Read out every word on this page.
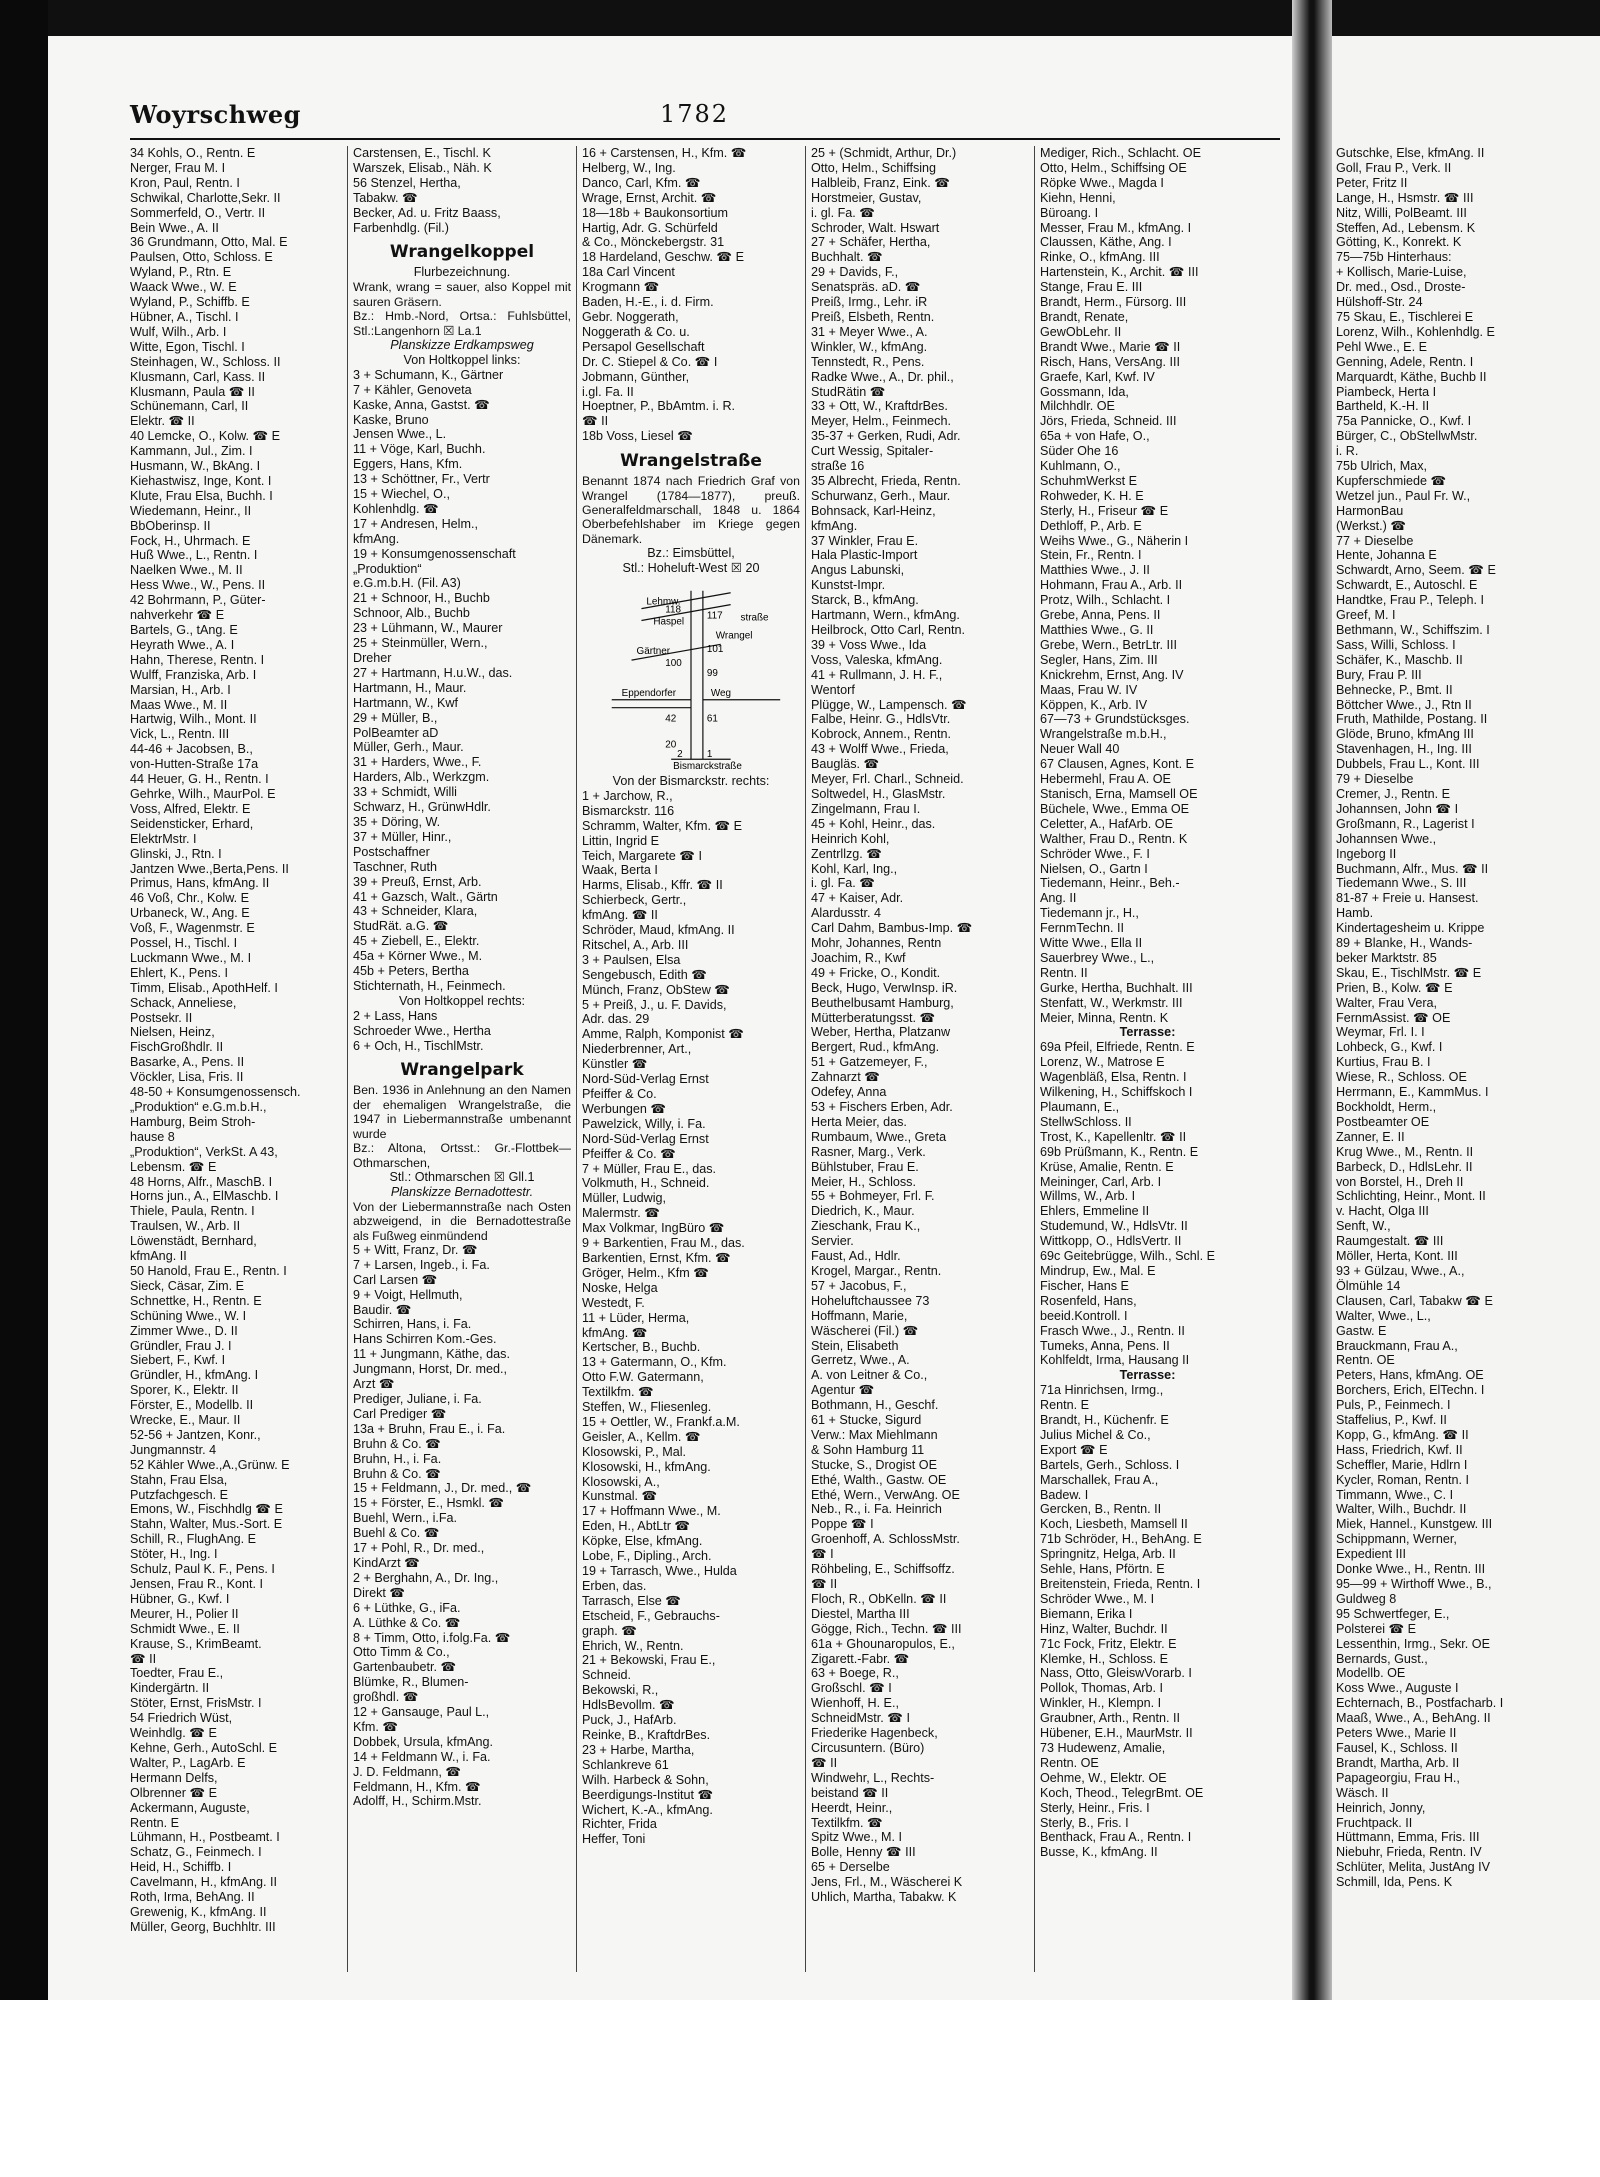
Woyrschweg	1782
34 Kohls, O., Rentn. E
Nerger, Frau M. I
Kron, Paul, Rentn. I
Schwikal, Charlotte,Sekr. II
Sommerfeld, O., Vertr. II
Bein Wwe., A. II
36 Grundmann, Otto, Mal. E
Paulsen, Otto, Schloss. E
Wyland, P., Rtn. E
Waack Wwe., W. E
Wyland, P., Schiffb. E
Hübner, A., Tischl. I
Wulf, Wilh., Arb. I
Witte, Egon, Tischl. I
Steinhagen, W., Schloss. II
Klusmann, Carl, Kass. II
Klusmann, Paula ☎ II
Schünemann, Carl, II
Elektr. ☎ II
40 Lemcke, O., Kolw. ☎ E
Kammann, Jul., Zim. I
Husmann, W., BkAng. I
Kiehastwisz, Inge, Kont. I
Klute, Frau Elsa, Buchh. I
Wiedemann, Heinr., II
BbOberinsp. II
Fock, H., Uhrmach. E
Huß Wwe., L., Rentn. I
Naelken Wwe., M. II
Hess Wwe., W., Pens. II
42 Bohrmann, P., Güter-
nahverkehr ☎ E
Bartels, G., tAng. E
Heyrath Wwe., A. I
Hahn, Therese, Rentn. I
Wulff, Franziska, Arb. I
Marsian, H., Arb. I
Maas Wwe., M. II
Hartwig, Wilh., Mont. II
Vick, L., Rentn. III
44-46 + Jacobsen, B.,
von-Hutten-Straße 17a
44 Heuer, G. H., Rentn. I
Gehrke, Wilh., MaurPol. E
Voss, Alfred, Elektr. E
Seidensticker, Erhard,
ElektrMstr. I
Glinski, J., Rtn. I
Jantzen Wwe.,Berta,Pens. II
Primus, Hans, kfmAng. II
46 Voß, Chr., Kolw. E
Urbaneck, W., Ang. E
Voß, F., Wagenmstr. E
Possel, H., Tischl. I
Luckmann Wwe., M. I
Ehlert, K., Pens. I
Timm, Elisab., ApothHelf. I
Schack, Anneliese,
Postsekr. II
Nielsen, Heinz,
FischGroßhdlr. II
Basarke, A., Pens. II
Vöckler, Lisa, Fris. II
48-50 + Konsumgenossensch.
„Produktion“ e.G.m.b.H.,
Hamburg, Beim Stroh-
hause 8
„Produktion“, VerkSt. A 43,
Lebensm. ☎ E
48 Horns, Alfr., MaschB. I
Horns jun., A., ElMaschb. I
Thiele, Paula, Rentn. I
Traulsen, W., Arb. II
Löwenstädt, Bernhard,
kfmAng. II
50 Hanold, Frau E., Rentn. I
Sieck, Cäsar, Zim. E
Schnettke, H., Rentn. E
Schüning Wwe., W. I
Zimmer Wwe., D. II
Gründler, Frau J. I
Siebert, F., Kwf. I
Gründler, H., kfmAng. I
Sporer, K., Elektr. II
Förster, E., Modellb. II
Wrecke, E., Maur. II
52-56 + Jantzen, Konr.,
Jungmannstr. 4
52 Kähler Wwe.,A.,Grünw. E
Stahn, Frau Elsa,
Putzfachgesch. E
Emons, W., Fischhdlg ☎ E
Stahn, Walter, Mus.-Sort. E
Schill, R., FlughAng. E
Stöter, H., Ing. I
Schulz, Paul K. F., Pens. I
Jensen, Frau R., Kont. I
Hübner, G., Kwf. I
Meurer, H., Polier II
Schmidt Wwe., E. II
Krause, S., KrimBeamt.
☎ II
Toedter, Frau E.,
Kindergärtn. II
Stöter, Ernst, FrisMstr. I
54 Friedrich Wüst,
Weinhdlg. ☎ E
Kehne, Gerh., AutoSchl. E
Walter, P., LagArb. E
Hermann Delfs,
Olbrenner ☎ E
Ackermann, Auguste,
Rentn. E
Lühmann, H., Postbeamt. I
Schatz, G., Feinmech. I
Heid, H., Schiffb. I
Cavelmann, H., kfmAng. II
Roth, Irma, BehAng. II
Grewenig, K., kfmAng. II
Müller, Georg, Buchhltr. III
Carstensen, E., Tischl. K
Warszek, Elisab., Näh. K
56 Stenzel, Hertha,
Tabakw. ☎
Becker, Ad. u. Fritz Baass,
Farbenhdlg. (Fil.)
Wrangelkoppel
Flurbezeichnung.
Wrank, wrang = sauer, also Koppel mit sauren Gräsern.
Bz.: Hmb.-Nord, Ortsa.: Fuhlsbüttel, Stl.:Langenhorn ☒ La.1
Planskizze Erdkampsweg
Von Holtkoppel links:
3 + Schumann, K., Gärtner
7 + Kähler, Genoveta
Kaske, Anna, Gastst. ☎
Kaske, Bruno
Jensen Wwe., L.
11 + Vöge, Karl, Buchh.
Eggers, Hans, Kfm.
13 + Schöttner, Fr., Vertr
15 + Wiechel, O.,
Kohlenhdlg. ☎
17 + Andresen, Helm.,
kfmAng.
19 + Konsumgenossenschaft
„Produktion“
e.G.m.b.H. (Fil. A3)
21 + Schnoor, H., Buchb
Schnoor, Alb., Buchb
23 + Lühmann, W., Maurer
25 + Steinmüller, Wern.,
Dreher
27 + Hartmann, H.u.W., das.
Hartmann, H., Maur.
Hartmann, W., Kwf
29 + Müller, B.,
PolBeamter aD
Müller, Gerh., Maur.
31 + Harders, Wwe., F.
Harders, Alb., Werkzgm.
33 + Schmidt, Willi
Schwarz, H., GrünwHdlr.
35 + Döring, W.
37 + Müller, Hinr.,
Postschaffner
Taschner, Ruth
39 + Preuß, Ernst, Arb.
41 + Gazsch, Walt., Gärtn
43 + Schneider, Klara,
StudRät. a.G. ☎
45 + Ziebell, E., Elektr.
45a + Körner Wwe., M.
45b + Peters, Bertha
Stichternath, H., Feinmech.
Von Holtkoppel rechts:
2 + Lass, Hans
Schroeder Wwe., Hertha
6 + Och, H., TischlMstr.
Wrangelpark
Ben. 1936 in Anlehnung an den Namen der ehemaligen Wrangelstraße, die 1947 in Liebermannstraße umbenannt wurde
Bz.: Altona, Ortsst.: Gr.-Flottbek—Othmarschen,
Stl.: Othmarschen ☒ Gll.1
Planskizze Bernadottestr.
Von der Liebermannstraße nach Osten abzweigend, in die Bernadottestraße als Fußweg einmündend
5 + Witt, Franz, Dr. ☎
7 + Larsen, Ingeb., i. Fa.
Carl Larsen ☎
9 + Voigt, Hellmuth,
Baudir. ☎
Schirren, Hans, i. Fa.
Hans Schirren Kom.-Ges.
11 + Jungmann, Käthe, das.
Jungmann, Horst, Dr. med.,
Arzt ☎
Prediger, Juliane, i. Fa.
Carl Prediger ☎
13a + Bruhn, Frau E., i. Fa.
Bruhn & Co. ☎
Bruhn, H., i. Fa.
Bruhn & Co. ☎
15 + Feldmann, J., Dr. med., ☎
15 + Förster, E., Hsmkl. ☎
Buehl, Wern., i.Fa.
Buehl & Co. ☎
17 + Pohl, R., Dr. med.,
KindArzt ☎
2 + Berghahn, A., Dr. Ing.,
Direkt ☎
6 + Lüthke, G., iFa.
A. Lüthke & Co. ☎
8 + Timm, Otto, i.folg.Fa. ☎
Otto Timm & Co.,
Gartenbaubetr. ☎
Blümke, R., Blumen-
großhdl. ☎
12 + Gansauge, Paul L.,
Kfm. ☎
Dobbek, Ursula, kfmAng.
14 + Feldmann W., i. Fa.
J. D. Feldmann, ☎
Feldmann, H., Kfm. ☎
Adolff, H., Schirm.Mstr.
16 + Carstensen, H., Kfm. ☎
Helberg, W., Ing.
Danco, Carl, Kfm. ☎
Wrage, Ernst, Archit. ☎
18—18b + Baukonsortium
Hartig, Adr. G. Schürfeld
& Co., Mönckebergstr. 31
18 Hardeland, Geschw. ☎ E
18a Carl Vincent
Krogmann ☎
Baden, H.-E., i. d. Firm.
Gebr. Noggerath,
Noggerath & Co. u.
Persapol Gesellschaft
Dr. C. Stiepel & Co. ☎ I
Jobmann, Günther,
i.gl. Fa. II
Hoeptner, P., BbAmtm. i. R.
☎ II
18b Voss, Liesel ☎
Wrangelstraße
Benannt 1874 nach Friedrich Graf von Wrangel (1784—1877), preuß. Generalfeldmarschall, 1848 u. 1864 Oberbefehlshaber im Kriege gegen Dänemark.
Bz.: Eimsbüttel,
Stl.: Hoheluft-West ☒ 20
Lehmw.
Haspel
Gärtner
Eppendorfer	Weg
Bismarckstraße
Wrangel
straße
118
117
100
101
99
42	61
20
2 1
Von der Bismarckstr. rechts:
1 + Jarchow, R.,
Bismarckstr. 116
Schramm, Walter, Kfm. ☎ E
Littin, Ingrid E
Teich, Margarete ☎ I
Waak, Berta I
Harms, Elisab., Kffr. ☎ II
Schierbeck, Gertr.,
kfmAng. ☎ II
Schröder, Maud, kfmAng. II
Ritschel, A., Arb. III
3 + Paulsen, Elsa
Sengebusch, Edith ☎
Münch, Franz, ObStew ☎
5 + Preiß, J., u. F. Davids,
Adr. das. 29
Amme, Ralph, Komponist ☎
Niederbrenner, Art.,
Künstler ☎
Nord-Süd-Verlag Ernst
Pfeiffer & Co.
Werbungen ☎
Pawelzick, Willy, i. Fa.
Nord-Süd-Verlag Ernst
Pfeiffer & Co. ☎
7 + Müller, Frau E., das.
Volkmuth, H., Schneid.
Müller, Ludwig,
Malermstr. ☎
Max Volkmar, IngBüro ☎
9 + Barkentien, Frau M., das.
Barkentien, Ernst, Kfm. ☎
Gröger, Helm., Kfm ☎
Noske, Helga
Westedt, F.
11 + Lüder, Herma,
kfmAng. ☎
Kertscher, B., Buchb.
13 + Gatermann, O., Kfm.
Otto F.W. Gatermann,
Textilkfm. ☎
Steffen, W., Fliesenleg.
15 + Oettler, W., Frankf.a.M.
Geisler, A., Kellm. ☎
Klosowski, P., Mal.
Klosowski, H., kfmAng.
Klosowski, A.,
Kunstmal. ☎
17 + Hoffmann Wwe., M.
Eden, H., AbtLtr ☎
Köpke, Else, kfmAng.
Lobe, F., Dipling., Arch.
19 + Tarrasch, Wwe., Hulda
Erben, das.
Tarrasch, Else ☎
Etscheid, F., Gebrauchs-
graph. ☎
Ehrich, W., Rentn.
21 + Bekowski, Frau E.,
Schneid.
Bekowski, R.,
HdlsBevollm. ☎
Puck, J., HafArb.
Reinke, B., KraftdrBes.
23 + Harbe, Martha,
Schlankreve 61
Wilh. Harbeck & Sohn,
Beerdigungs-Institut ☎
Wichert, K.-A., kfmAng.
Richter, Frida
Heffer, Toni
25 + (Schmidt, Arthur, Dr.)
Otto, Helm., Schiffsing
Halbleib, Franz, Eink. ☎
Horstmeier, Gustav,
i. gl. Fa. ☎
Schroder, Walt. Hswart
27 + Schäfer, Hertha,
Buchhalt. ☎
29 + Davids, F.,
Senatspräs. aD. ☎
Preiß, Irmg., Lehr. iR
Preiß, Elsbeth, Rentn.
31 + Meyer Wwe., A.
Winkler, W., kfmAng.
Tennstedt, R., Pens.
Radke Wwe., A., Dr. phil.,
StudRätin ☎
33 + Ott, W., KraftdrBes.
Meyer, Helm., Feinmech.
35-37 + Gerken, Rudi, Adr.
Curt Wessig, Spitaler-
straße 16
35 Albrecht, Frieda, Rentn.
Schurwanz, Gerh., Maur.
Bohnsack, Karl-Heinz,
kfmAng.
37 Winkler, Frau E.
Hala Plastic-Import
Angus Labunski,
Kunstst-Impr.
Starck, B., kfmAng.
Hartmann, Wern., kfmAng.
Heilbrock, Otto Carl, Rentn.
39 + Voss Wwe., Ida
Voss, Valeska, kfmAng.
41 + Rullmann, J. H. F.,
Wentorf
Plügge, W., Lampensch. ☎
Falbe, Heinr. G., HdlsVtr.
Kobrock, Annem., Rentn.
43 + Wolff Wwe., Frieda,
Baugläs. ☎
Meyer, Frl. Charl., Schneid.
Soltwedel, H., GlasMstr.
Zingelmann, Frau I.
45 + Kohl, Heinr., das.
Heinrich Kohl,
Zentrllzg. ☎
Kohl, Karl, Ing.,
i. gl. Fa. ☎
47 + Kaiser, Adr.
Alardusstr. 4
Carl Dahm, Bambus-Imp. ☎
Mohr, Johannes, Rentn
Joachim, R., Kwf
49 + Fricke, O., Kondit.
Beck, Hugo, VerwInsp. iR.
Beuthelbusamt Hamburg,
Mütterberatungsst. ☎
Weber, Hertha, Platzanw
Bergert, Rud., kfmAng.
51 + Gatzemeyer, F.,
Zahnarzt ☎
Odefey, Anna
53 + Fischers Erben, Adr.
Herta Meier, das.
Rumbaum, Wwe., Greta
Rasner, Marg., Verk.
Bühlstuber, Frau E.
Meier, H., Schloss.
55 + Bohmeyer, Frl. F.
Diedrich, K., Maur.
Zieschank, Frau K.,
Servier.
Faust, Ad., Hdlr.
Krogel, Margar., Rentn.
57 + Jacobus, F.,
Hoheluftchaussee 73
Hoffmann, Marie,
Wäscherei (Fil.) ☎
Stein, Elisabeth
Gerretz, Wwe., A.
A. von Leitner & Co.,
Agentur ☎
Bothmann, H., Geschf.
61 + Stucke, Sigurd
Verw.: Max Miehlmann
& Sohn Hamburg 11
Stucke, S., Drogist OE
Ethé, Walth., Gastw. OE
Ethé, Wern., VerwAng. OE
Neb., R., i. Fa. Heinrich
Poppe ☎ I
Groenhoff, A. SchlossMstr.
☎ I
Röhbeling, E., Schiffsoffz.
☎ II
Floch, R., ObKelln. ☎ II
Diestel, Martha III
Gögge, Rich., Techn. ☎ III
61a + Ghounaropulos, E.,
Zigarett.-Fabr. ☎
63 + Boege, R.,
Großschl. ☎ I
Wienhoff, H. E.,
SchneidMstr. ☎ I
Friederike Hagenbeck,
Circusuntern. (Büro)
☎ II
Windwehr, L., Rechts-
beistand ☎ II
Heerdt, Heinr.,
Textilkfm. ☎
Spitz Wwe., M. I
Bolle, Henny ☎ III
65 + Derselbe
Jens, Frl., M., Wäscherei K
Uhlich, Martha, Tabakw. K
Mediger, Rich., Schlacht. OE
Otto, Helm., Schiffsing OE
Röpke Wwe., Magda I
Kiehn, Henni,
Büroang. I
Messer, Frau M., kfmAng. I
Claussen, Käthe, Ang. I
Rinke, O., kfmAng. III
Hartenstein, K., Archit. ☎ III
Stange, Frau E. III
Brandt, Herm., Fürsorg. III
Brandt, Renate,
GewObLehr. II
Brandt Wwe., Marie ☎ II
Risch, Hans, VersAng. III
Graefe, Karl, Kwf. IV
Gossmann, Ida,
Milchhdlr. OE
Jörs, Frieda, Schneid. III
65a + von Hafe, O.,
Süder Ohe 16
Kuhlmann, O.,
SchuhmWerkst E
Rohweder, K. H. E
Sterly, H., Friseur ☎ E
Dethloff, P., Arb. E
Weihs Wwe., G., Näherin I
Stein, Fr., Rentn. I
Matthies Wwe., J. II
Hohmann, Frau A., Arb. II
Protz, Wilh., Schlacht. I
Grebe, Anna, Pens. II
Matthies Wwe., G. II
Grebe, Wern., BetrLtr. III
Segler, Hans, Zim. III
Knickrehm, Ernst, Ang. IV
Maas, Frau W. IV
Köppen, K., Arb. IV
67—73 + Grundstücksges.
Wrangelstraße m.b.H.,
Neuer Wall 40
67 Clausen, Agnes, Kont. E
Hebermehl, Frau A. OE
Stanisch, Erna, Mamsell OE
Büchele, Wwe., Emma OE
Celetter, A., HafArb. OE
Walther, Frau D., Rentn. K
Schröder Wwe., F. I
Nielsen, O., Gartn I
Tiedemann, Heinr., Beh.-
Ang. II
Tiedemann jr., H.,
FernmTechn. II
Witte Wwe., Ella II
Sauerbrey Wwe., L.,
Rentn. II
Gurke, Hertha, Buchhalt. III
Stenfatt, W., Werkmstr. III
Meier, Minna, Rentn. K
Terrasse:
69a Pfeil, Elfriede, Rentn. E
Lorenz, W., Matrose E
Wagenbläß, Elsa, Rentn. I
Wilkening, H., Schiffskoch I
Plaumann, E.,
StellwSchloss. II
Trost, K., Kapellenltr. ☎ II
69b Prüßmann, K., Rentn. E
Krüse, Amalie, Rentn. E
Meininger, Carl, Arb. I
Willms, W., Arb. I
Ehlers, Emmeline II
Studemund, W., HdlsVtr. II
Wittkopp, O., HdlsVertr. II
69c Geitebrügge, Wilh., Schl. E
Mindrup, Ew., Mal. E
Fischer, Hans E
Rosenfeld, Hans,
beeid.Kontroll. I
Frasch Wwe., J., Rentn. II
Tumeks, Anna, Pens. II
Kohlfeldt, Irma, Hausang II
Terrasse:
71a Hinrichsen, Irmg.,
Rentn. E
Brandt, H., Küchenfr. E
Julius Michel & Co.,
Export ☎ E
Bartels, Gerh., Schloss. I
Marschallek, Frau A.,
Badew. I
Gercken, B., Rentn. II
Koch, Liesbeth, Mamsell II
71b Schröder, H., BehAng. E
Springnitz, Helga, Arb. II
Sehle, Hans, Pförtn. E
Breitenstein, Frieda, Rentn. I
Schröder Wwe., M. I
Biemann, Erika I
Hinz, Walter, Buchdr. II
71c Fock, Fritz, Elektr. E
Klemke, H., Schloss. E
Nass, Otto, GleiswVorarb. I
Pollok, Thomas, Arb. I
Winkler, H., Klempn. I
Graubner, Arth., Rentn. II
Hübener, E.H., MaurMstr. II
73 Hudewenz, Amalie,
Rentn. OE
Oehme, W., Elektr. OE
Koch, Theod., TelegrBmt. OE
Sterly, Heinr., Fris. I
Sterly, B., Fris. I
Benthack, Frau A., Rentn. I
Busse, K., kfmAng. II
Gutschke, Else, kfmAng. II
Goll, Frau P., Verk. II
Peter, Fritz II
Lange, H., Hsmstr. ☎ III
Nitz, Willi, PolBeamt. III
Steffen, Ad., Lebensm. K
Götting, K., Konrekt. K
75—75b Hinterhaus:
+ Kollisch, Marie-Luise,
Dr. med., Osd., Droste-
Hülshoff-Str. 24
75 Skau, E., Tischlerei E
Lorenz, Wilh., Kohlenhdlg. E
Pehl Wwe., E. E
Genning, Adele, Rentn. I
Marquardt, Käthe, Buchb II
Piambeck, Herta I
Bartheld, K.-H. II
75a Pannicke, O., Kwf. I
Bürger, C., ObStellwMstr.
i. R.
75b Ulrich, Max,
Kupferschmiede ☎
Wetzel jun., Paul Fr. W.,
HarmonBau
(Werkst.) ☎
77 + Dieselbe
Hente, Johanna E
Schwardt, Arno, Seem. ☎ E
Schwardt, E., Autoschl. E
Handtke, Frau P., Teleph. I
Greef, M. I
Bethmann, W., Schiffszim. I
Sass, Willi, Schloss. I
Schäfer, K., Maschb. II
Bury, Frau P. III
Behnecke, P., Bmt. II
Böttcher Wwe., J., Rtn II
Fruth, Mathilde, Postang. II
Glöde, Bruno, kfmAng III
Stavenhagen, H., Ing. III
Dubbels, Frau L., Kont. III
79 + Dieselbe
Cremer, J., Rentn. E
Johannsen, John ☎ I
Großmann, R., Lagerist I
Johannsen Wwe.,
Ingeborg II
Buchmann, Alfr., Mus. ☎ II
Tiedemann Wwe., S. III
81-87 + Freie u. Hansest.
Hamb.
Kindertagesheim u. Krippe
89 + Blanke, H., Wands-
beker Marktstr. 85
Skau, E., TischlMstr. ☎ E
Prien, B., Kolw. ☎ E
Walter, Frau Vera,
FernmAssist. ☎ OE
Weymar, Frl. I. I
Lohbeck, G., Kwf. I
Kurtius, Frau B. I
Wiese, R., Schloss. OE
Herrmann, E., KammMus. I
Bockholdt, Herm.,
Postbeamter OE
Zanner, E. II
Krug Wwe., M., Rentn. II
Barbeck, D., HdlsLehr. II
von Borstel, H., Dreh II
Schlichting, Heinr., Mont. II
v. Hacht, Olga III
Senft, W.,
Raumgestalt. ☎ III
Möller, Herta, Kont. III
93 + Gülzau, Wwe., A.,
Ölmühle 14
Clausen, Carl, Tabakw ☎ E
Walter, Wwe., L.,
Gastw. E
Brauckmann, Frau A.,
Rentn. OE
Peters, Hans, kfmAng. OE
Borchers, Erich, ElTechn. I
Puls, P., Feinmech. I
Staffelius, P., Kwf. II
Kopp, G., kfmAng. ☎ II
Hass, Friedrich, Kwf. II
Scheffler, Marie, Hdlrn I
Kycler, Roman, Rentn. I
Timmann, Wwe., C. I
Walter, Wilh., Buchdr. II
Miek, Hannel., Kunstgew. III
Schippmann, Werner,
Expedient III
Donke Wwe., H., Rentn. III
95—99 + Wirthoff Wwe., B.,
Guldweg 8
95 Schwertfeger, E.,
Polsterei ☎ E
Lessenthin, Irmg., Sekr. OE
Bernards, Gust.,
Modellb. OE
Koss Wwe., Auguste I
Echternach, B., Postfacharb. I
Maaß, Wwe., A., BehAng. II
Peters Wwe., Marie II
Fausel, K., Schloss. II
Brandt, Martha, Arb. II
Papageorgiu, Frau H.,
Wäsch. II
Heinrich, Jonny,
Fruchtpack. II
Hüttmann, Emma, Fris. III
Niebuhr, Frieda, Rentn. IV
Schlüter, Melita, JustAng IV
Schmill, Ida, Pens. K
